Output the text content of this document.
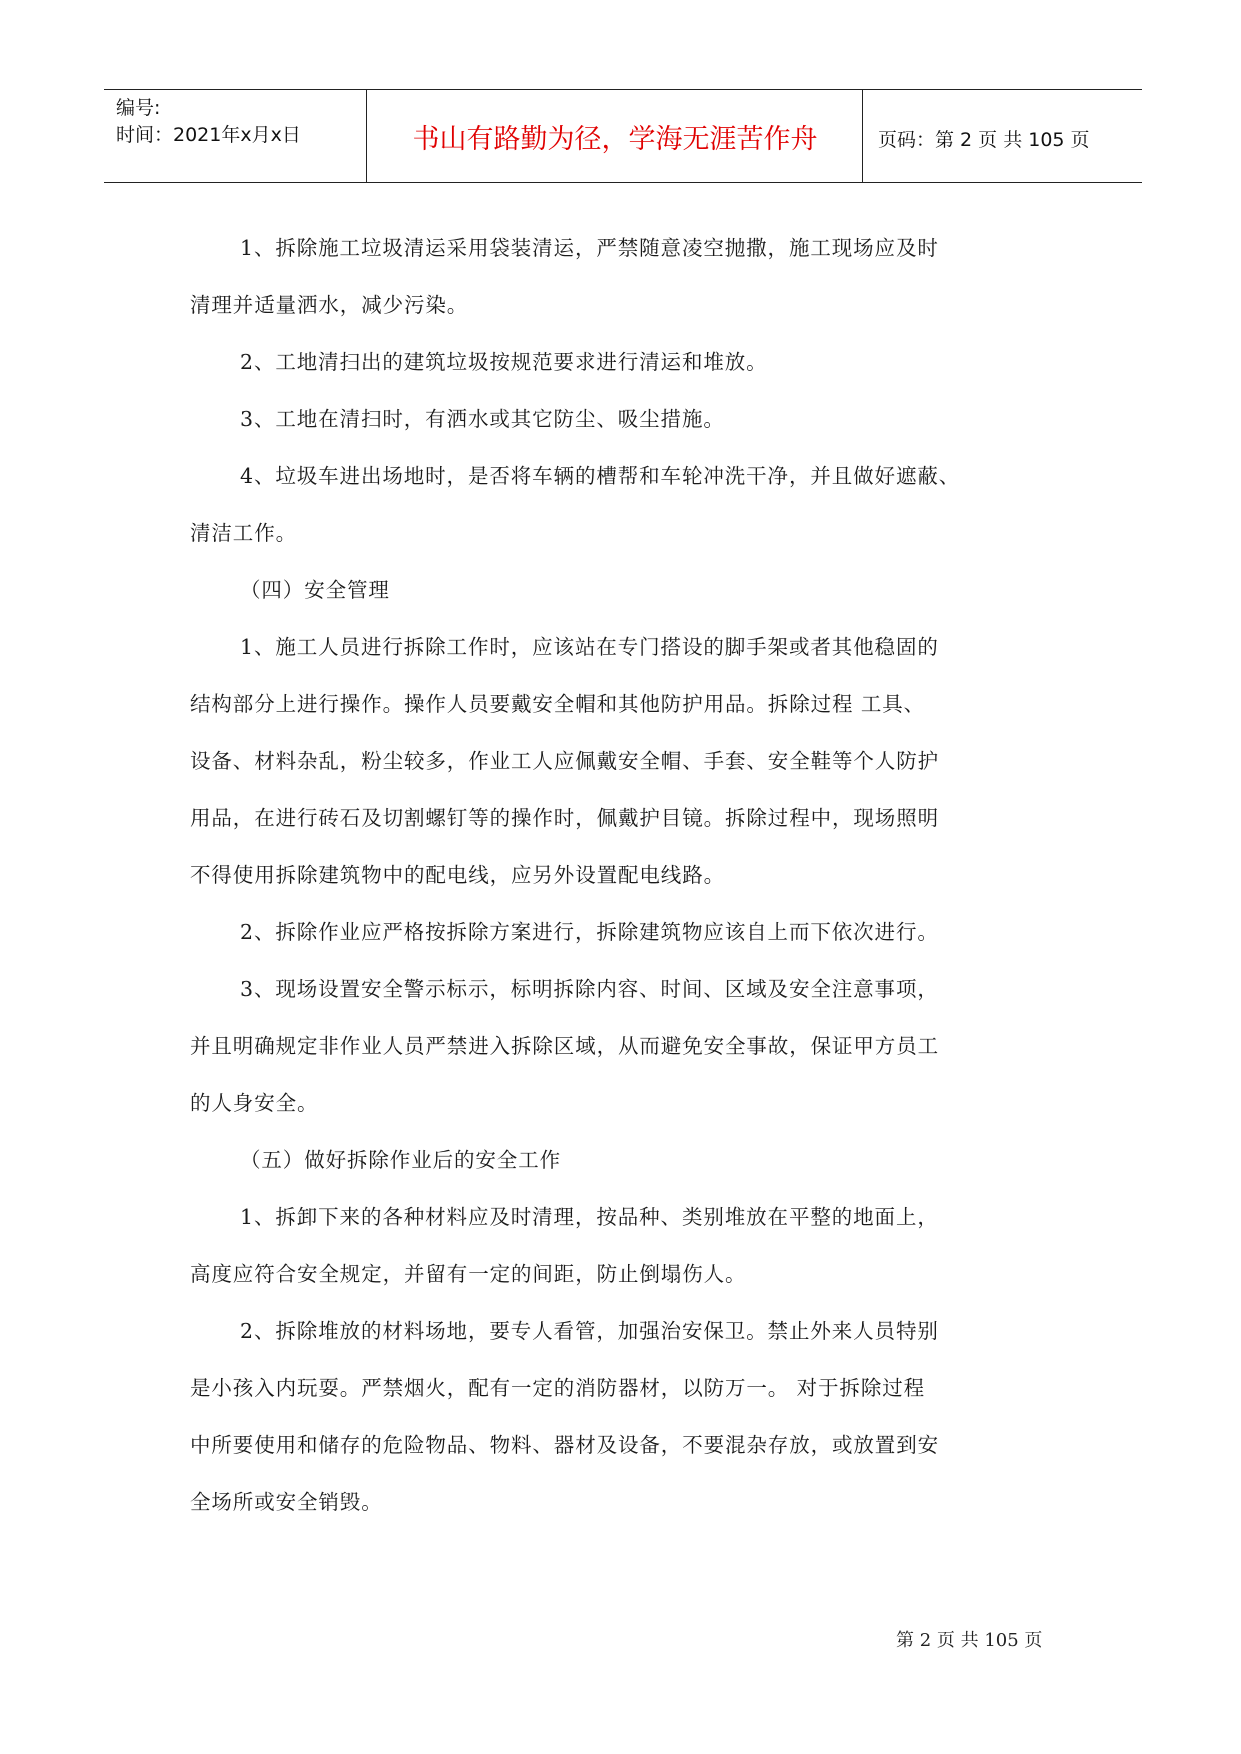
编号:
时间：2021年x月x日	书山有路勤为径，学海无涯苦作舟	页码：第 2 页 共 105 页
1、拆除施工垃圾清运采用袋装清运，严禁随意凌空抛撒，施工现场应及时
清理并适量洒水，减少污染。
2、工地清扫出的建筑垃圾按规范要求进行清运和堆放。
3、工地在清扫时，有洒水或其它防尘、吸尘措施。
4、垃圾车进出场地时，是否将车辆的槽帮和车轮冲洗干净，并且做好遮蔽、
清洁工作。
（四）安全管理
1、施工人员进行拆除工作时，应该站在专门搭设的脚手架或者其他稳固的
结构部分上进行操作。操作人员要戴安全帽和其他防护用品。拆除过程 工具、
设备、材料杂乱，粉尘较多，作业工人应佩戴安全帽、手套、安全鞋等个人防护
用品，在进行砖石及切割螺钉等的操作时，佩戴护目镜。拆除过程中，现场照明
不得使用拆除建筑物中的配电线，应另外设置配电线路。
2、拆除作业应严格按拆除方案进行，拆除建筑物应该自上而下依次进行。
3、现场设置安全警示标示，标明拆除内容、时间、区域及安全注意事项，
并且明确规定非作业人员严禁进入拆除区域，从而避免安全事故，保证甲方员工
的人身安全。
（五）做好拆除作业后的安全工作
1、拆卸下来的各种材料应及时清理，按品种、类别堆放在平整的地面上，
高度应符合安全规定，并留有一定的间距，防止倒塌伤人。
2、拆除堆放的材料场地，要专人看管，加强治安保卫。禁止外来人员特别
是小孩入内玩耍。严禁烟火，配有一定的消防器材，以防万一。 对于拆除过程
中所要使用和储存的危险物品、物料、器材及设备，不要混杂存放，或放置到安
全场所或安全销毁。
第 2 页 共 105 页
